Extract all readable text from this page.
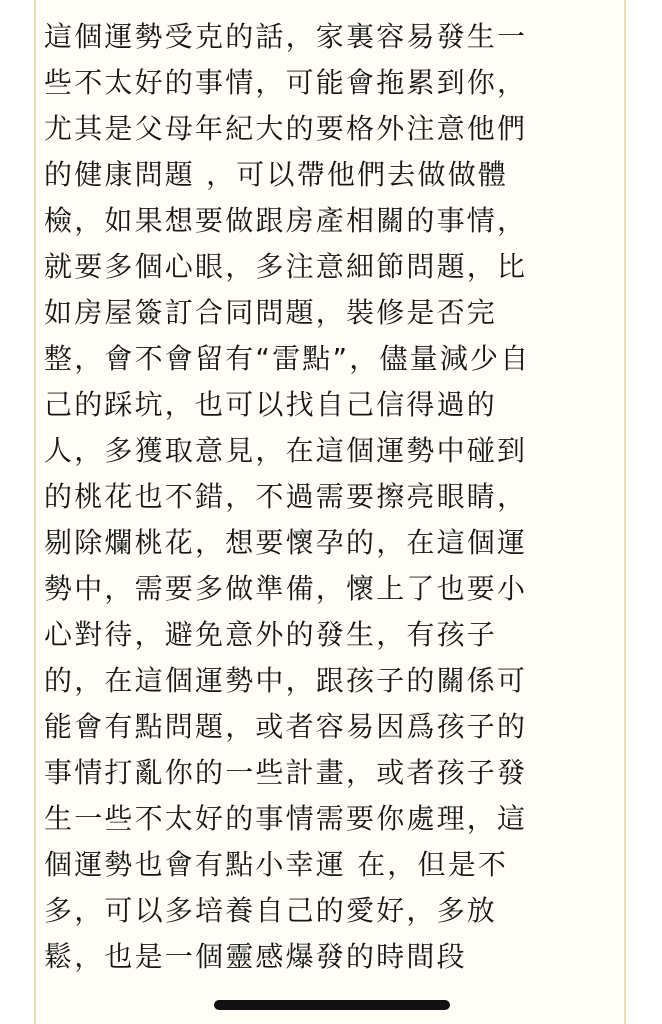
這個運勢受克的話，家裏容易發生一
些不太好的事情，可能會拖累到你，
尤其是父母年紀大的要格外注意他們
的健康問題 ，可以帶他們去做做體
檢，如果想要做跟房產相關的事情，
就要多個心眼，多注意細節問題，比
如房屋簽訂合同問題，裝修是否完
整，會不會留有“雷點”，儘量減少自
己的踩坑，也可以找自己信得過的
人，多獲取意見，在這個運勢中碰到
的桃花也不錯，不過需要擦亮眼睛，
剔除爛桃花，想要懷孕的，在這個運
勢中，需要多做準備，懷上了也要小
心對待，避免意外的發生，有孩子
的，在這個運勢中，跟孩子的關係可
能會有點問題，或者容易因爲孩子的
事情打亂你的一些計畫，或者孩子發
生一些不太好的事情需要你處理，這
個運勢也會有點小幸運 在，但是不
多，可以多培養自己的愛好，多放
鬆，也是一個靈感爆發的時間段
